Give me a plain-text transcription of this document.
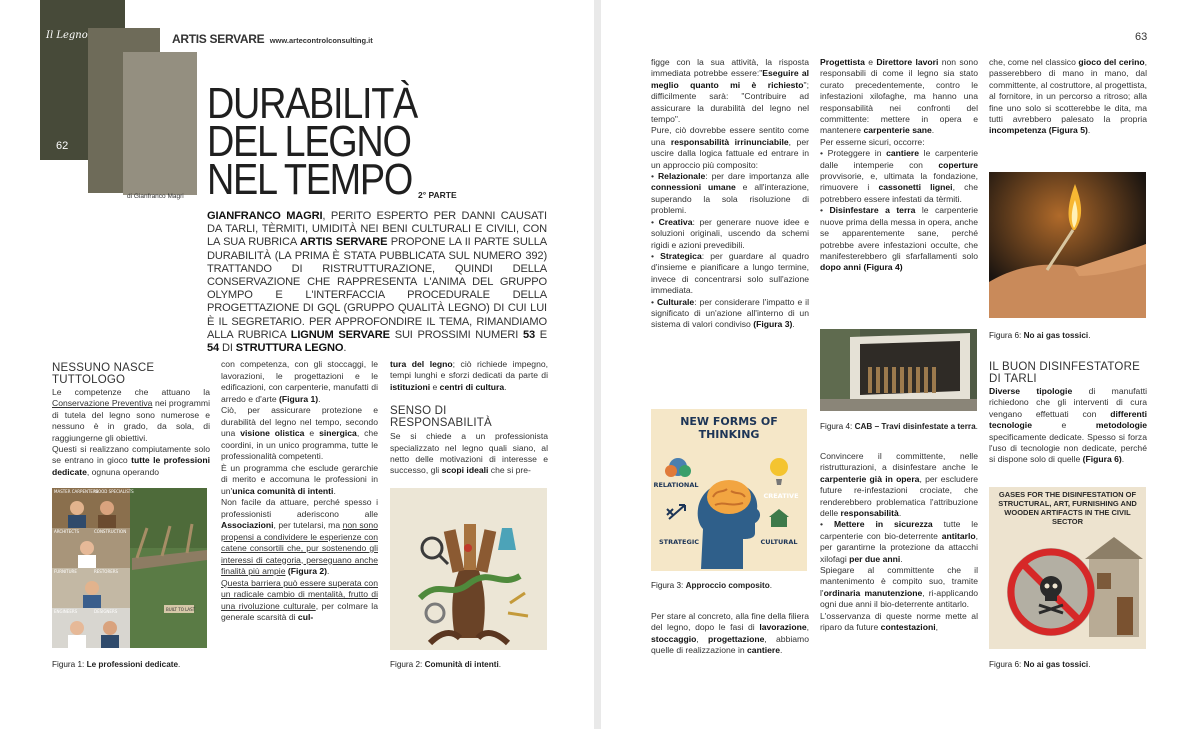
Il Legno
62
ARTIS SERVARE www.artecontrolconsulting.it
DURABILITÀ
DEL LEGNO
NEL TEMPO 2° PARTE
di Gianfranco Magri
GIANFRANCO MAGRI, PERITO ESPERTO PER DANNI CAUSATI DA TARLI, TÈRMITI, UMIDITÀ NEI BENI CULTURALI E CIVILI, CON LA SUA RUBRICA ARTIS SERVARE PROPONE LA II PARTE SULLA DURABILITÀ (LA PRIMA È STATA PUBBLICATA SUL NUMERO 392) TRATTANDO DI RISTRUTTURAZIONE, QUINDI DELLA CONSERVAZIONE CHE RAPPRESENTA L'ANIMA DEL GRUPPO OLYMPO E L'INTERFACCIA PROCEDURALE DELLA PROGETTAZIONE DI GQL (GRUPPO QUALITÀ LEGNO) DI CUI LUI È IL SEGRETARIO. PER APPROFONDIRE IL TEMA, RIMANDIAMO ALLA RUBRICA LIGNUM SERVARE SUI PROSSIMI NUMERI 53 E 54 DI STRUTTURA LEGNO.
NESSUNO NASCE TUTTOLOGO
Le competenze che attuano la Conservazione Preventiva nei programmi di tutela del legno sono numerose e nessuno è in grado, da sola, di raggiungerne gli obiettivi.
Questi si realizzano compiutamente solo se entrano in gioco tutte le professioni dedicate, ognuna operando
MASTER CARPENTERS
WOOD SPECIALISTS
ARCHITECTS	CONSTRUCTION
FURNITURE	RESTORERS
ENGINEERS	DESIGNERS	BUILT TO LAST
Figura 1: Le professioni dedicate.
con competenza, con gli stoccaggi, le lavorazioni, le progettazioni e le edificazioni, con carpenterie, manufatti di arredo e d'arte (Figura 1).
Ciò, per assicurare protezione e durabilità del legno nel tempo, secondo una visione olistica e sinergica, che coordini, in un unico programma, tutte le professionalità competenti.
È un programma che esclude gerarchie di merito e accomuna le professioni in un'unica comunità di intenti.
Non facile da attuare, perché spesso i professionisti aderiscono alle Associazioni, per tutelarsi, ma non sono propensi a condividere le esperienze con catene consortili che, pur sostenendo gli interessi di categoria, perseguano anche finalità più ampie (Figura 2).
Questa barriera può essere superata con un radicale cambio di mentalità, frutto di una rivoluzione culturale, per colmare la generale scarsità di cul-
tura del legno; ciò richiede impegno, tempi lunghi e sforzi dedicati da parte di istituzioni e centri di cultura.
SENSO DI RESPONSABILITÀ
Se si chiede a un professionista specializzato nel legno quali siano, al netto delle motivazioni di interesse e successo, gli scopi ideali che si pre-
Figura 2: Comunità di intenti.
63
figge con la sua attività, la risposta immediata potrebbe essere:"Eseguire al meglio quanto mi è richiesto"; difficilmente sarà: "Contribuire ad assicurare la durabilità del legno nel tempo".
Pure, ciò dovrebbe essere sentito come una responsabilità irrinunciabile, per uscire dalla logica fattuale ed entrare in un approccio più composito:
• Relazionale: per dare importanza alle connessioni umane e all'interazione, superando la sola risoluzione di problemi.
• Creativa: per generare nuove idee e soluzioni originali, uscendo da schemi rigidi e azioni prevedibili.
• Strategica: per guardare al quadro d'insieme e pianificare a lungo termine, invece di concentrarsi solo sull'azione immediata.
• Culturale: per considerare l'impatto e il significato di un'azione all'interno di un sistema di valori condiviso (Figura 3).
NEW FORMS OF
THINKING
RELATIONAL
CREATIVE
STRATEGIC	CULTURAL
Figura 3: Approccio composito.
Per stare al concreto, alla fine della filiera del legno, dopo le fasi di lavorazione, stoccaggio, progettazione, abbiamo quelle di realizzazione in cantiere.
Progettista e Direttore lavori non sono responsabili di come il legno sia stato curato precedentemente, contro le infestazioni xilofaghe, ma hanno una responsabilità nei confronti del committente: mettere in opera e mantenere carpenterie sane.
Per esserne sicuri, occorre:
• Proteggere in cantiere le carpenterie dalle intemperie con coperture provvisorie, e, ultimata la fondazione, rimuovere i cassonetti lignei, che potrebbero essere infestati da tèrmiti.
• Disinfestare a terra le carpenterie nuove prima della messa in opera, anche se apparentemente sane, perché potrebbe avere infestazioni occulte, che manifesterebbero gli sfarfallamenti solo dopo anni (Figura 4)
Figura 4: CAB – Travi disinfestate a terra.
Convincere il committente, nelle ristrutturazioni, a disinfestare anche le carpenterie già in opera, per escludere future re-infestazioni crociate, che renderebbero problematica l'attribuzione delle responsabilità.
• Mettere in sicurezza tutte le carpenterie con bio-deterrente antitarlo, per garantirne la protezione da attacchi xilofagi per due anni.
Spiegare al committente che il mantenimento è compito suo, tramite l'ordinaria manutenzione, ri-applicando ogni due anni il bio-deterrente antitarlo.
L'osservanza di queste norme mette al riparo da future contestazioni,
che, come nel classico gioco del cerino, passerebbero di mano in mano, dal committente, al costruttore, al progettista, al fornitore, in un percorso a ritroso; alla fine uno solo si scotterebbe le dita, ma tutti avrebbero palesato la propria incompetenza (Figura 5).
Figura 6: No ai gas tossici.
IL BUON DISINFESTATORE
DI TARLI
Diverse tipologie di manufatti richiedono che gli interventi di cura vengano effettuati con differenti tecnologie e metodologie specificamente dedicate. Spesso si forza l'uso di tecnologie non dedicate, perché si dispone solo di quelle (Figura 6).
GASES FOR THE DISINFESTATION OF STRUCTURAL, ART, FURNISHING AND WOODEN ARTIFACTS IN THE CIVIL SECTOR
Figura 6: No ai gas tossici.
